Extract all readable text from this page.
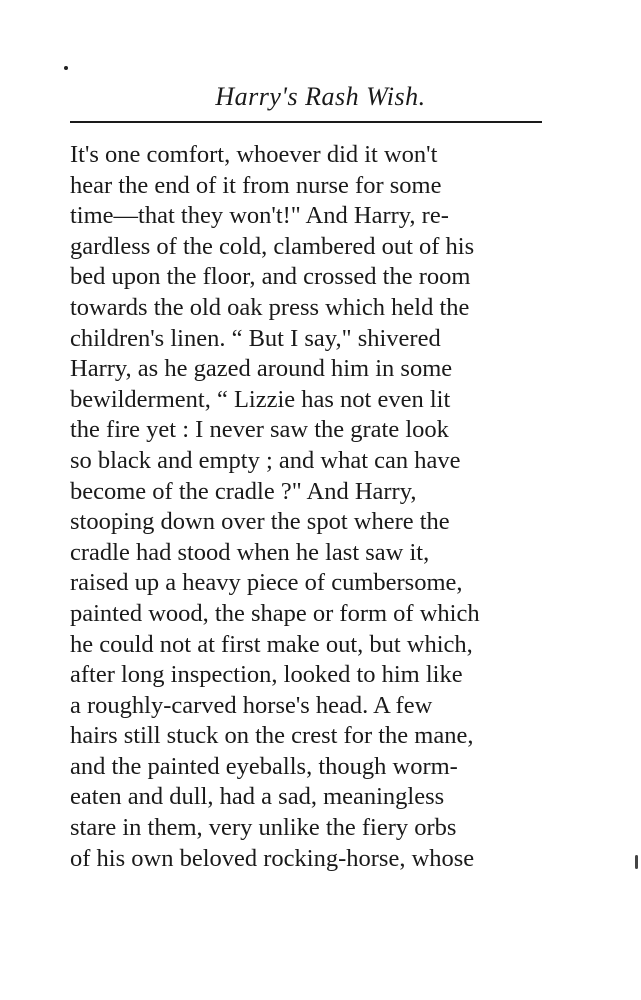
Harry's Rash Wish.
It's one comfort, whoever did it won't
hear the end of it from nurse for some
time—that they won't!" And Harry, re-
gardless of the cold, clambered out of his
bed upon the floor, and crossed the room
towards the old oak press which held the
children's linen. “ But I say," shivered
Harry, as he gazed around him in some
bewilderment, “ Lizzie has not even lit
the fire yet : I never saw the grate look
so black and empty ; and what can have
become of the cradle ?" And Harry,
stooping down over the spot where the
cradle had stood when he last saw it,
raised up a heavy piece of cumbersome,
painted wood, the shape or form of which
he could not at first make out, but which,
after long inspection, looked to him like
a roughly-carved horse's head. A few
hairs still stuck on the crest for the mane,
and the painted eyeballs, though worm-
eaten and dull, had a sad, meaningless
stare in them, very unlike the fiery orbs
of his own beloved rocking-horse, whose
